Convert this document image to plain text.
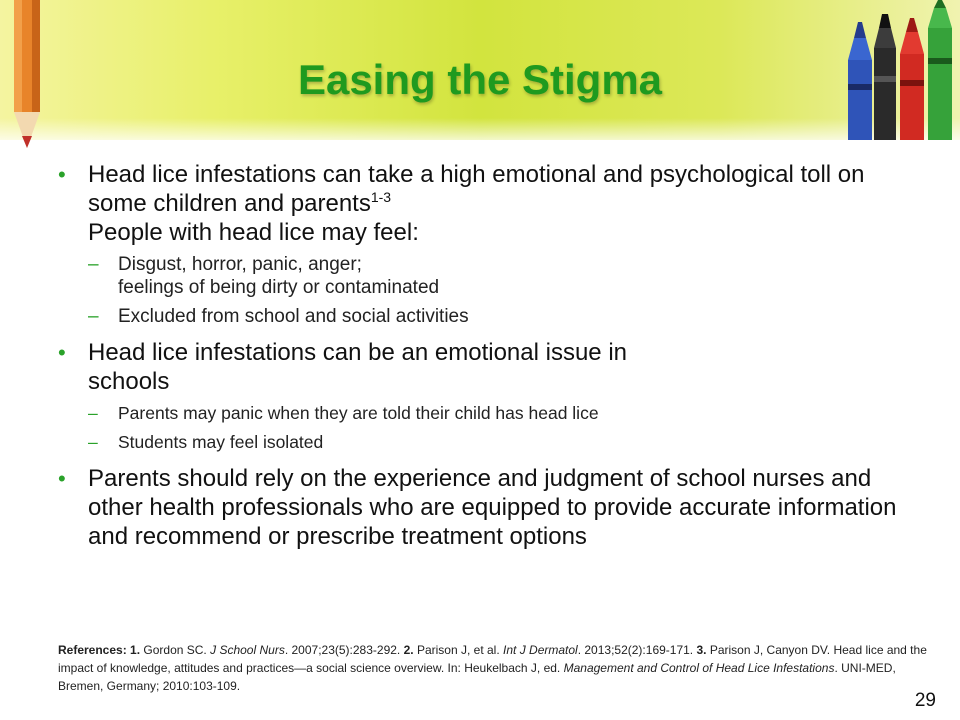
Easing the Stigma
• Head lice infestations can take a high emotional and psychological toll on some children and parents$^{1-3}$
People with head lice may feel:
– Disgust, horror, panic, anger;
feelings of being dirty or contaminated
– Excluded from school and social activities
• Head lice infestations can be an emotional issue in schools
– Parents may panic when they are told their child has head lice
– Students may feel isolated
• Parents should rely on the experience and judgment of school nurses and other health professionals who are equipped to provide accurate information and recommend or prescribe treatment options
References: 1. Gordon SC. J School Nurs. 2007;23(5):283-292. 2. Parison J, et al. Int J Dermatol. 2013;52(2):169-171. 3. Parison J, Canyon DV. Head lice and the impact of knowledge, attitudes and practices—a social science overview. In: Heukelbach J, ed. Management and Control of Head Lice Infestations. UNI-MED, Bremen, Germany; 2010:103-109.
29
